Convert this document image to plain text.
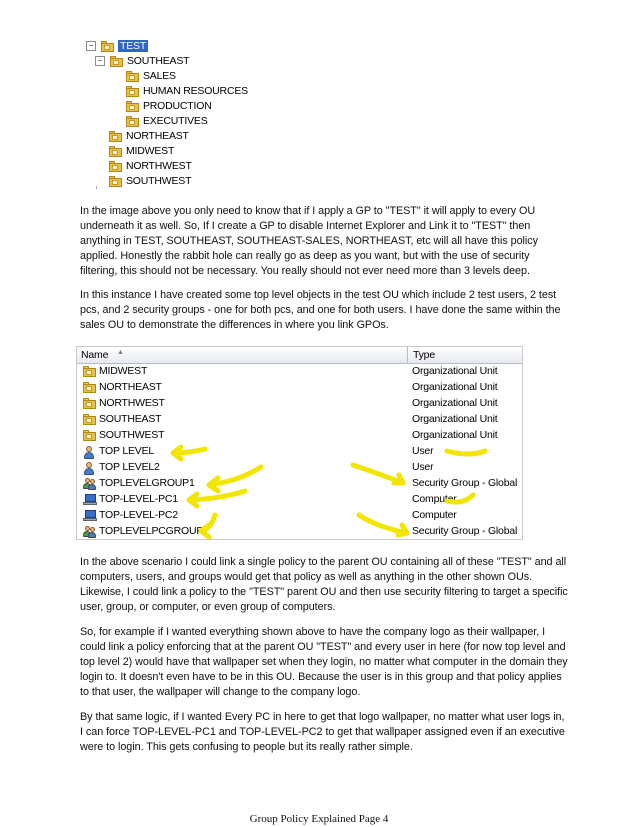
−	TEST
− SOUTHEAST
SALES
HUMAN RESOURCES
PRODUCTION
EXECUTIVES
NORTHEAST
MIDWEST
NORTHWEST
SOUTHWEST

In the image above you only need to know that if I apply a GP to "TEST" it will apply to every OU underneath it as well. So, If I create a GP to disable Internet Explorer and Link it to "TEST" then anything in TEST, SOUTHEAST, SOUTHEAST-SALES, NORTHEAST, etc will all have this policy applied. Honestly the rabbit hole can really go as deep as you want, but with the use of security filtering, this should not be necessary. You really should not ever need more than 3 levels deep.

In this instance I have created some top level objects in the test OU which include 2 test users, 2 test pcs, and 2 security groups - one for both pcs, and one for both users. I have done the same within the sales OU to demonstrate the differences in where you link GPOs.

Name ▲	Type
MIDWEST	Organizational Unit
NORTHEAST	Organizational Unit
NORTHWEST	Organizational Unit
SOUTHEAST	Organizational Unit
SOUTHWEST	Organizational Unit
TOP LEVEL	User
TOP LEVEL2	User
TOPLEVELGROUP1	Security Group - Global
TOP-LEVEL-PC1	Computer
TOP-LEVEL-PC2	Computer
TOPLEVELPCGROUP1	Security Group - Global

In the above scenario I could link a single policy to the parent OU containing all of these "TEST" and all computers, users, and groups would get that policy as well as anything in the other shown OUs. Likewise, I could link a policy to the "TEST" parent OU and then use security filtering to target a specific user, group, or computer, or even group of computers.

So, for example if I wanted everything shown above to have the company logo as their wallpaper, I could link a policy enforcing that at the parent OU "TEST" and every user in here (for now top level and top level 2) would have that wallpaper set when they login, no matter what computer in the domain they login to. It doesn't even have to be in this OU. Because the user is in this group and that policy applies to that user, the wallpaper will change to the company logo.

By that same logic, if I wanted Every PC in here to get that logo wallpaper, no matter what user logs in, I can force TOP-LEVEL-PC1 and TOP-LEVEL-PC2 to get that wallpaper assigned even if an executive were to login. This gets confusing to people but its really rather simple.

Group Policy Explained Page 4
